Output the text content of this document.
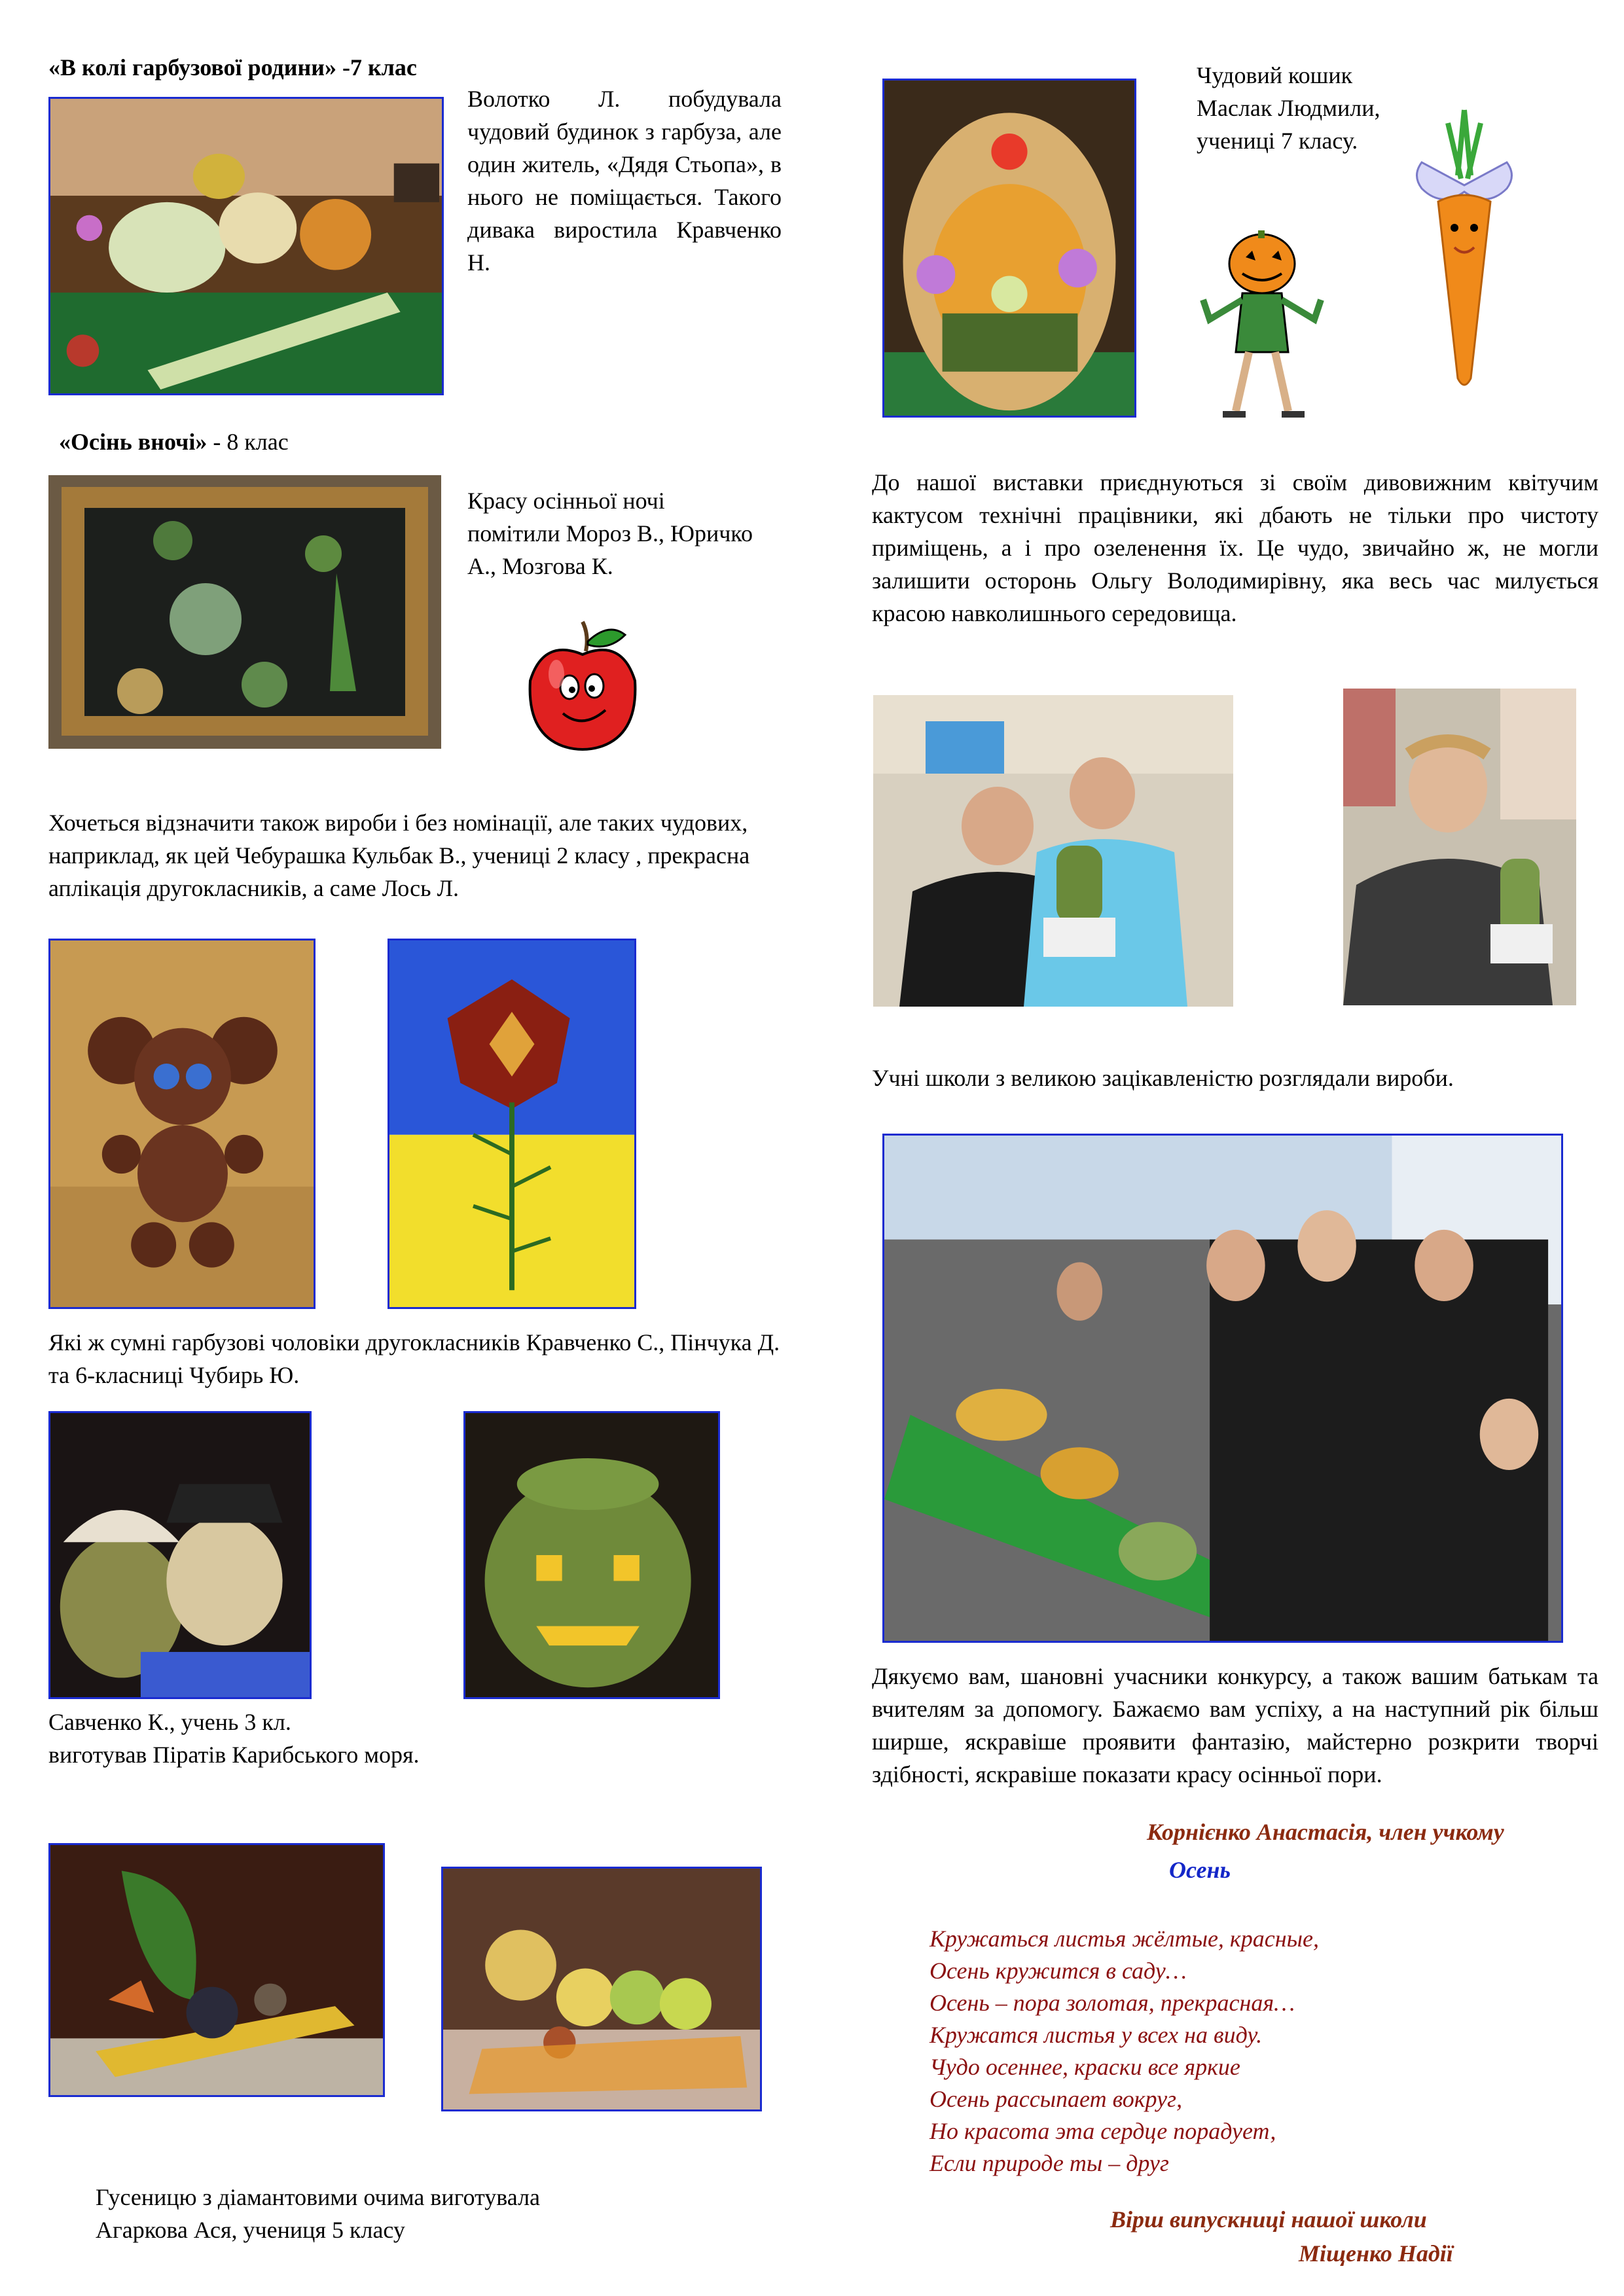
«В колі гарбузової родини» -7 клас
Волотко Л. побудувала чудовий будинок з гарбуза, але один житель, «Дядя Стьопа», в нього не поміщається. Такого дивака виростила Кравченко Н.
«Осінь вночі» - 8 клас
Красу осінньої ночі помітили Мороз В., Юричко А., Мозгова К.
Хочеться відзначити також вироби і без номінації, але таких чудових, наприклад, як цей Чебурашка Кульбак В., учениці 2 класу , прекрасна аплікація другокласників, а саме Лось Л.
Які ж сумні гарбузові чоловіки другокласників Кравченко С., Пінчука Д. та 6-класниці Чубирь Ю.
Савченко К., учень 3 кл.
виготував Піратів Карибського моря.
Гусеницю з діамантовими очима виготувала
Агаркова Ася, учениця 5 класу
Чудовий кошик
Маслак Людмили,
учениці 7 класу.
До нашої виставки приєднуються зі своїм дивовижним квітучим кактусом технічні працівники, які дбають не тільки про чистоту приміщень, а і про озеленення їх. Це чудо, звичайно ж, не могли залишити осторонь Ольгу Володимирівну, яка весь час милується красою навколишнього середовища.
Учні школи з великою зацікавленістю розглядали вироби.
Дякуємо вам, шановні учасники конкурсу, а також вашим батькам та вчителям за допомогу. Бажаємо вам успіху, а на наступний рік більш ширше, яскравіше проявити фантазію, майстерно розкрити творчі здібності, яскравіше показати красу осінньої пори.
Корнієнко Анастасія, член учкому
Осень
Кружаться листья жёлтые, красные,
Осень кружится в саду…
Осень – пора золотая, прекрасная…
Кружатся листья у всех на виду.
Чудо осеннее, краски все яркие
Осень рассыпает вокруг,
Но красота эта сердце порадует,
Если природе ты – друг
Вірш випускниці нашої школи
Міщенко Надії
